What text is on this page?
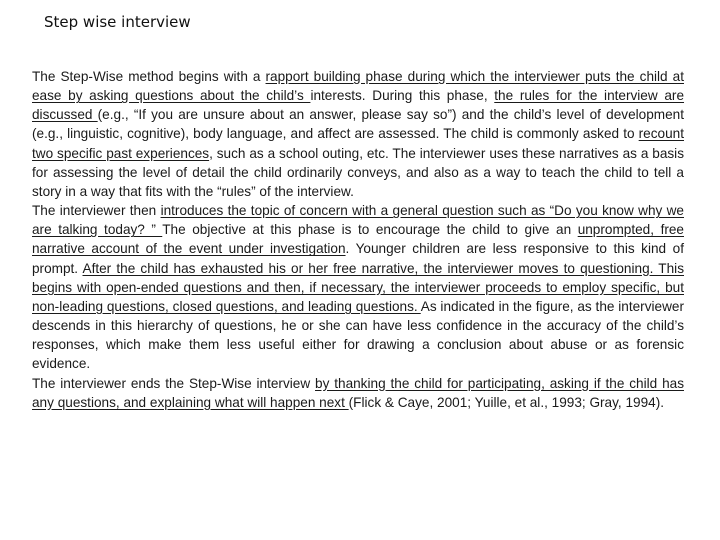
Step wise interview

The Step-Wise method begins with a rapport building phase during which the interviewer puts the child at ease by asking questions about the child’s interests. During this phase, the rules for the interview are discussed (e.g., “If you are unsure about an answer, please say so”) and the child’s level of development (e.g., linguistic, cognitive), body language, and affect are assessed. The child is commonly asked to recount two specific past experiences, such as a school outing, etc. The interviewer uses these narratives as a basis for assessing the level of detail the child ordinarily conveys, and also as a way to teach the child to tell a story in a way that fits with the “rules” of the interview.

The interviewer then introduces the topic of concern with a general question such as “Do you know why we are talking today? ” The objective at this phase is to encourage the child to give an unprompted, free narrative account of the event under investigation. Younger children are less responsive to this kind of prompt. After the child has exhausted his or her free narrative, the interviewer moves to questioning. This begins with open-ended questions and then, if necessary, the interviewer proceeds to employ specific, but non-leading questions, closed questions, and leading questions. As indicated in the figure, as the interviewer descends in this hierarchy of questions, he or she can have less confidence in the accuracy of the child’s responses, which make them less useful either for drawing a conclusion about abuse or as forensic evidence.

The interviewer ends the Step-Wise interview by thanking the child for participating, asking if the child has any questions, and explaining what will happen next (Flick & Caye, 2001; Yuille, et al., 1993; Gray, 1994).
